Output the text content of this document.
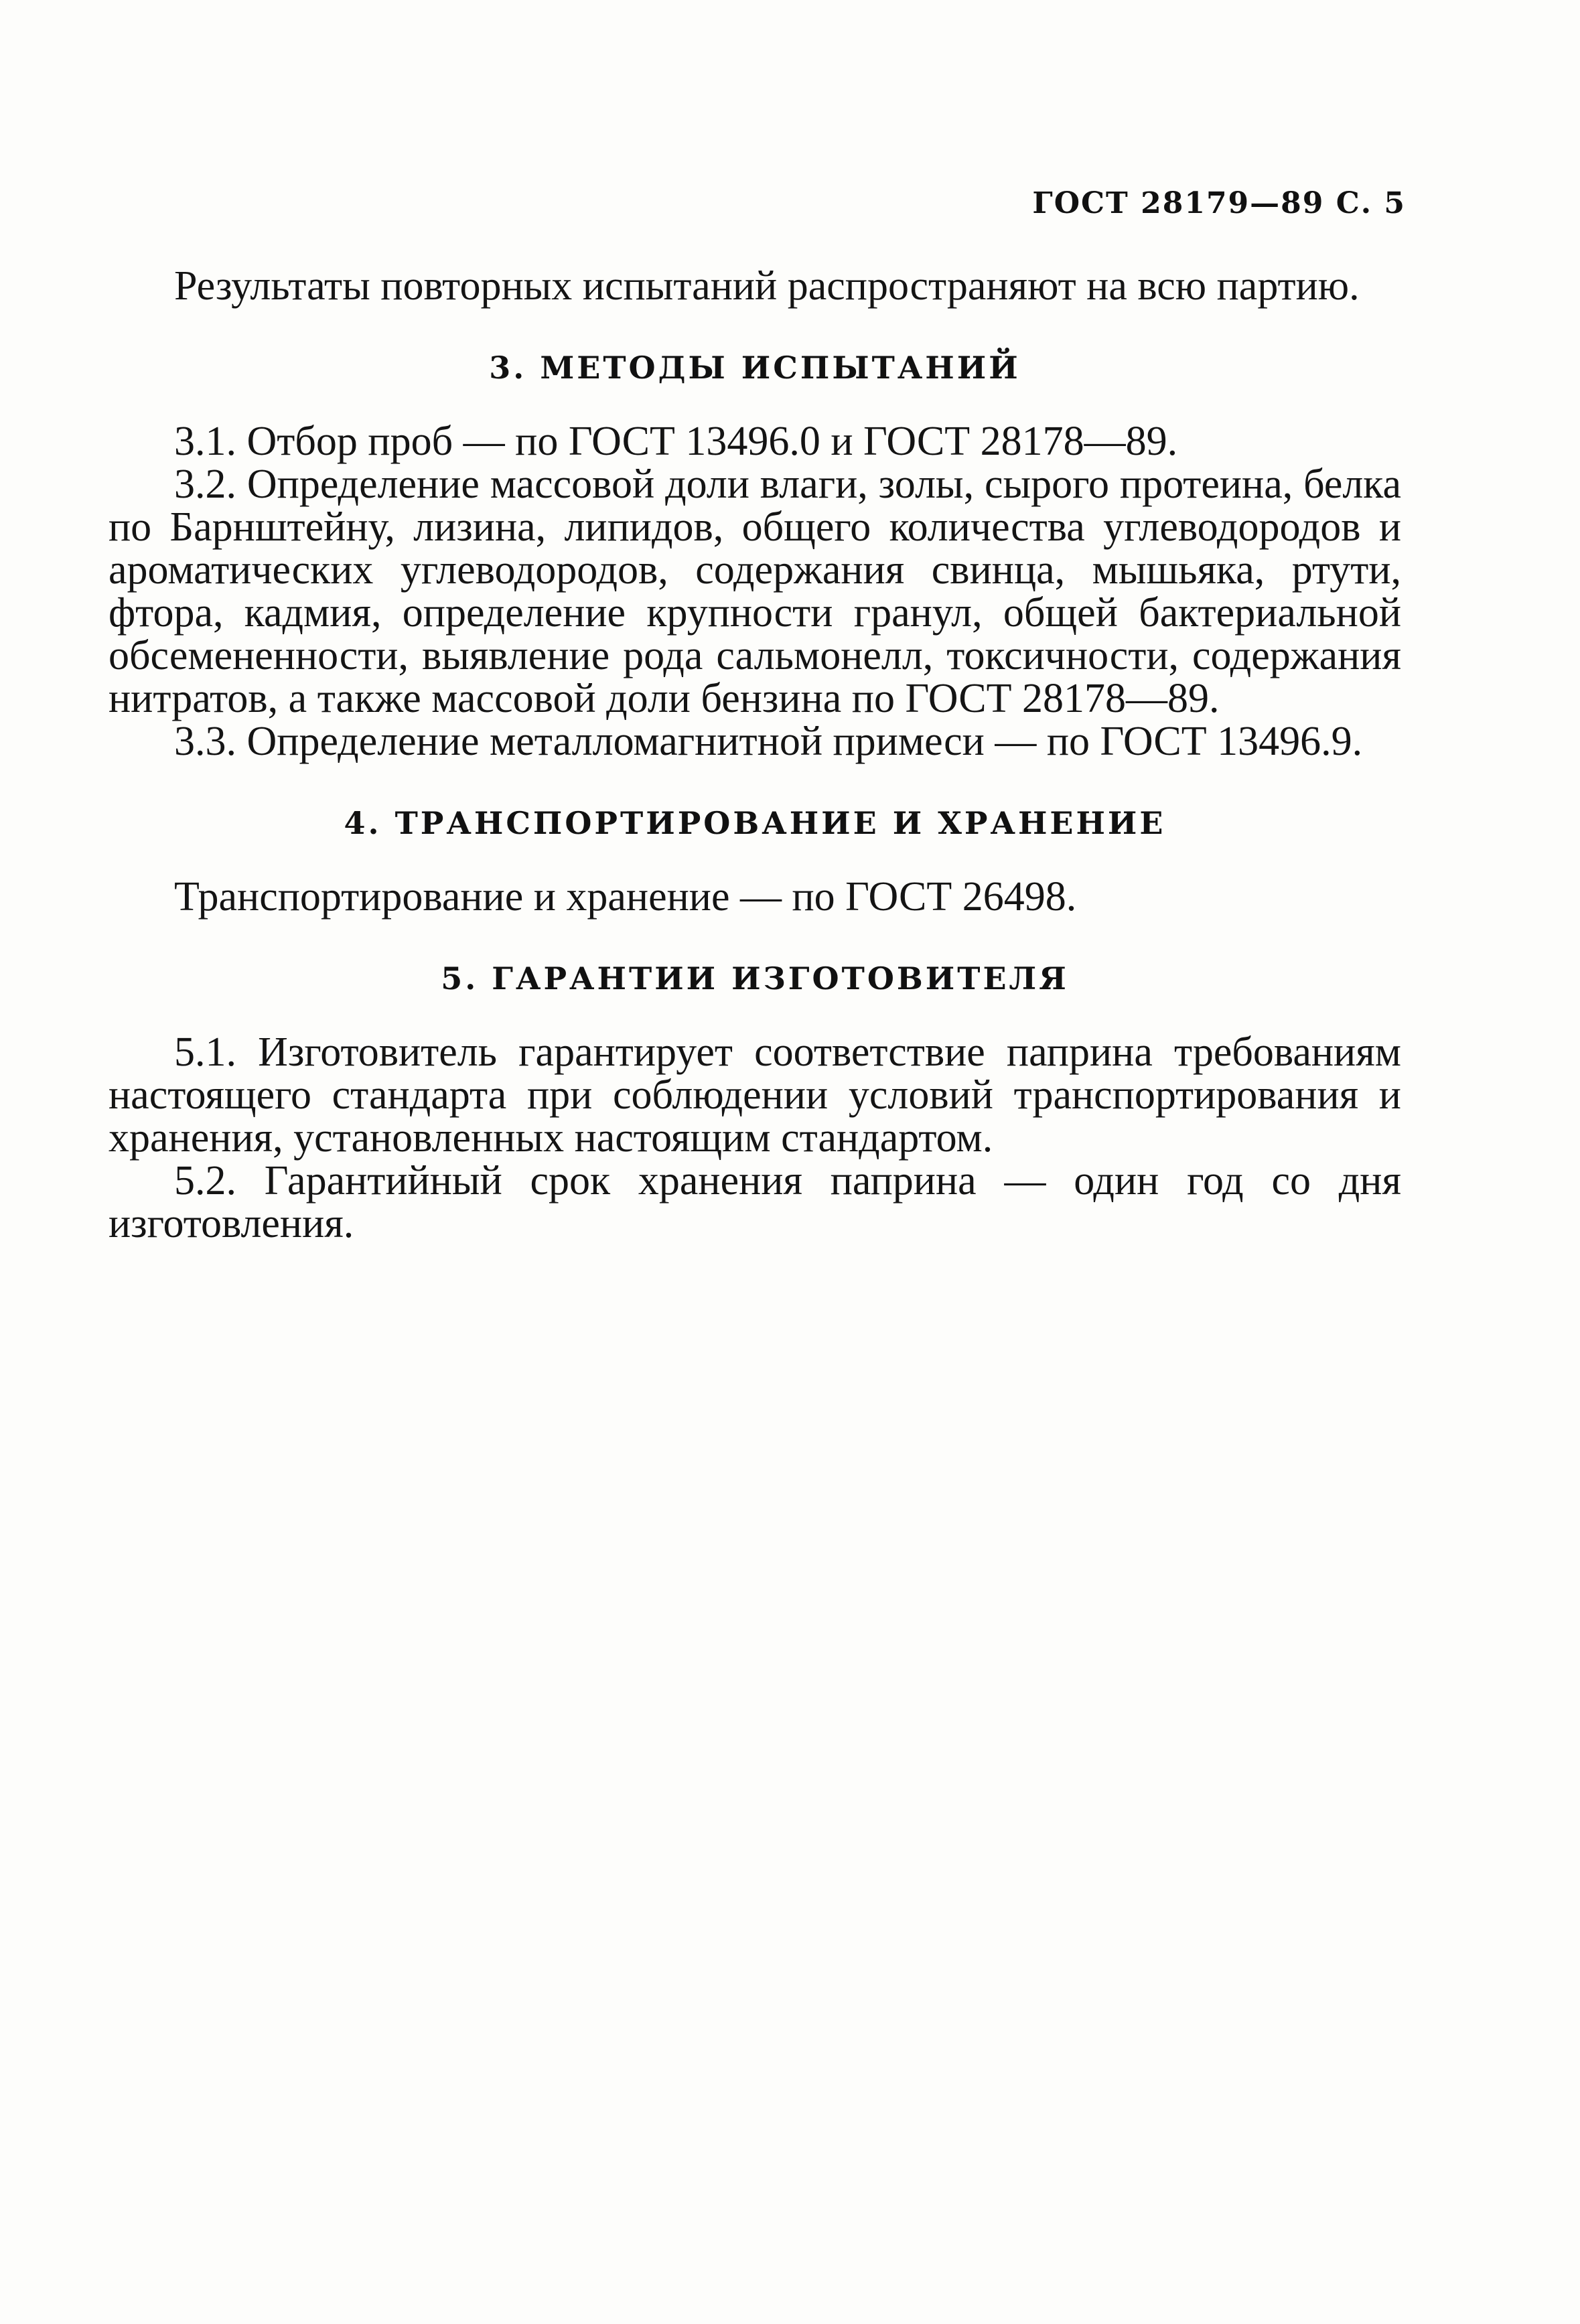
ГОСТ 28179—89 С. 5

Результаты повторных испытаний распространяют на всю партию.

3. МЕТОДЫ ИСПЫТАНИЙ

3.1. Отбор проб — по ГОСТ 13496.0 и ГОСТ 28178—89.

3.2. Определение массовой доли влаги, золы, сырого протеина, белка по Барнштейну, лизина, липидов, общего количества углеводородов и ароматических углеводородов, содержания свинца, мышьяка, ртути, фтора, кадмия, определение крупности гранул, общей бактериальной обсемененности, выявление рода сальмонелл, токсичности, содержания нитратов, а также массовой доли бензина по ГОСТ 28178—89.

3.3. Определение металломагнитной примеси — по ГОСТ 13496.9.

4. ТРАНСПОРТИРОВАНИЕ И ХРАНЕНИЕ

Транспортирование и хранение — по ГОСТ 26498.

5. ГАРАНТИИ ИЗГОТОВИТЕЛЯ

5.1. Изготовитель гарантирует соответствие паприна требованиям настоящего стандарта при соблюдении условий транспортирования и хранения, установленных настоящим стандартом.

5.2. Гарантийный срок хранения паприна — один год со дня изготовления.
